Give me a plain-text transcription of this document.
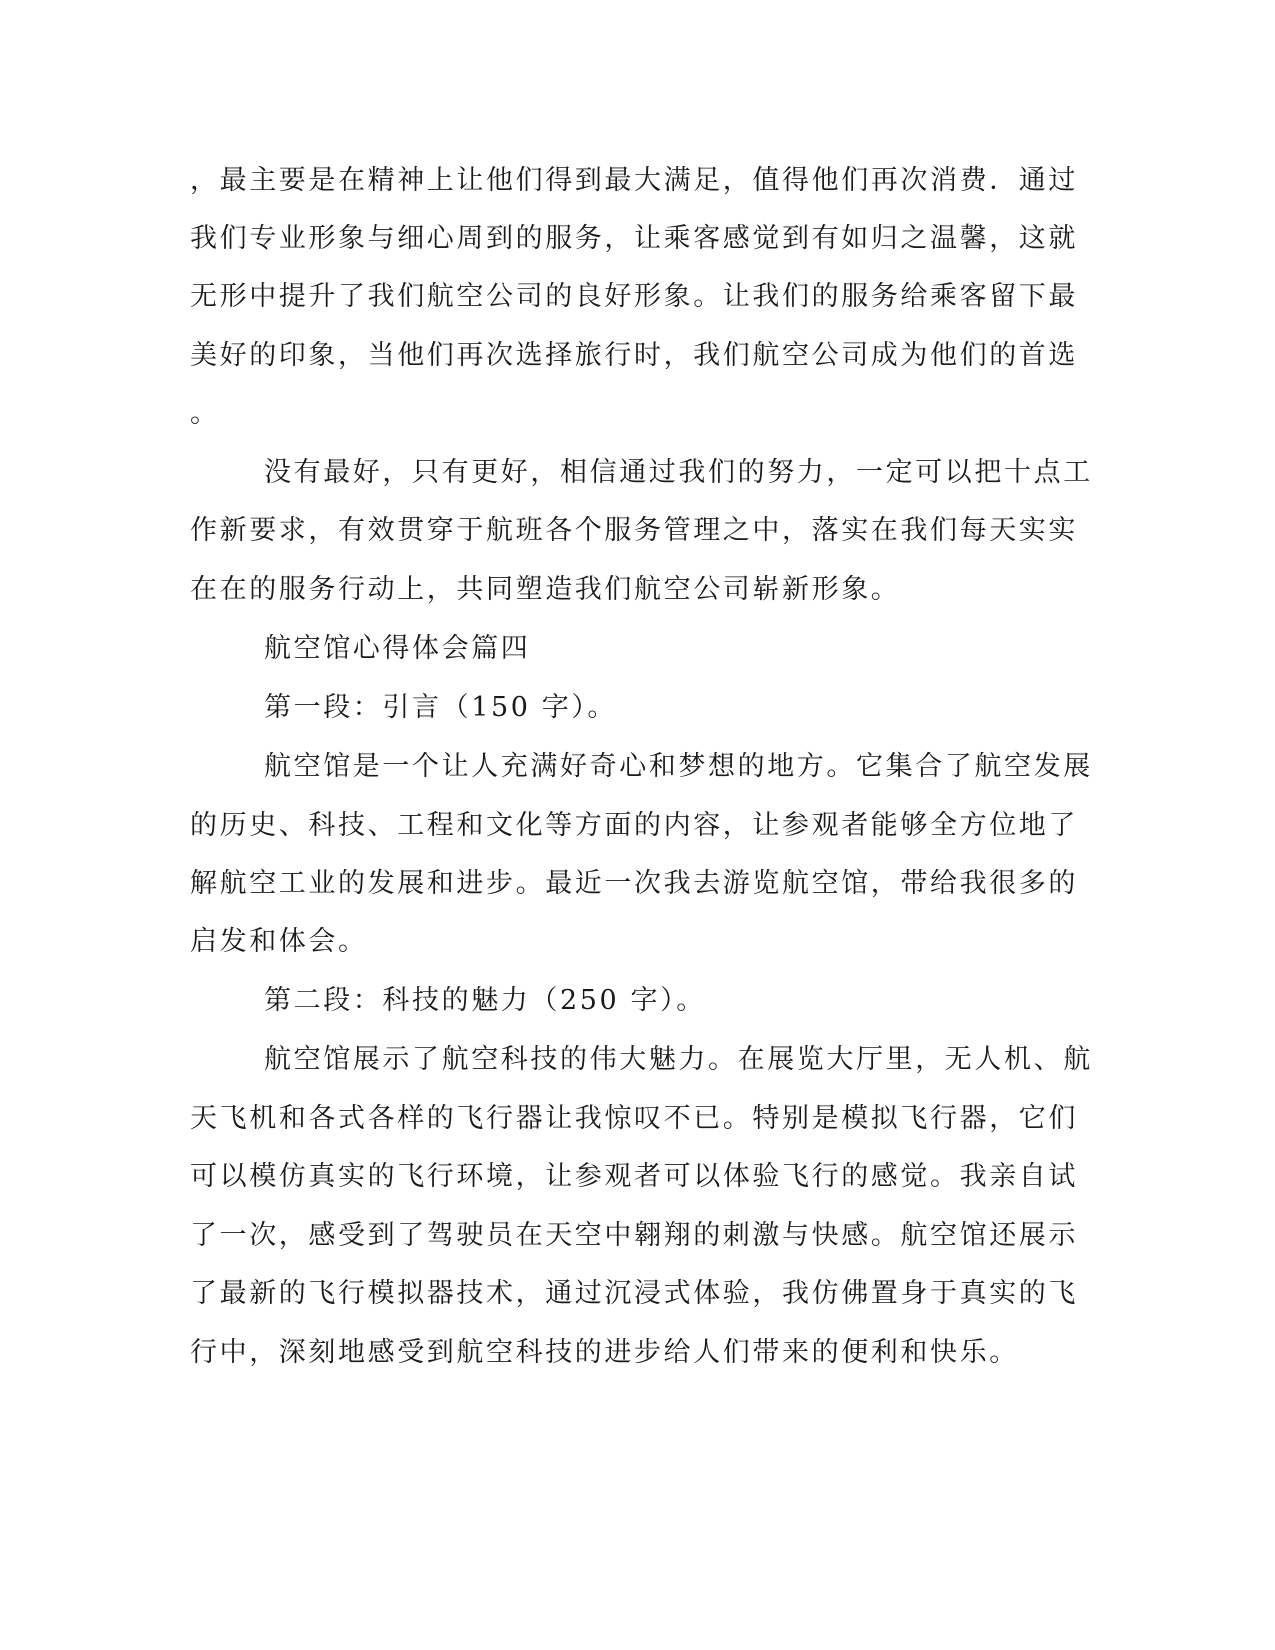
，最主要是在精神上让他们得到最大满足，值得他们再次消费．通过

我们专业形象与细心周到的服务，让乘客感觉到有如归之温馨，这就

无形中提升了我们航空公司的良好形象。让我们的服务给乘客留下最

美好的印象，当他们再次选择旅行时，我们航空公司成为他们的首选

。

没有最好，只有更好，相信通过我们的努力，一定可以把十点工

作新要求，有效贯穿于航班各个服务管理之中，落实在我们每天实实

在在的服务行动上，共同塑造我们航空公司崭新形象。

航空馆心得体会篇四

第一段：引言（150 字）。

航空馆是一个让人充满好奇心和梦想的地方。它集合了航空发展

的历史、科技、工程和文化等方面的内容，让参观者能够全方位地了

解航空工业的发展和进步。最近一次我去游览航空馆，带给我很多的

启发和体会。

第二段：科技的魅力（250 字）。

航空馆展示了航空科技的伟大魅力。在展览大厅里，无人机、航

天飞机和各式各样的飞行器让我惊叹不已。特别是模拟飞行器，它们

可以模仿真实的飞行环境，让参观者可以体验飞行的感觉。我亲自试

了一次，感受到了驾驶员在天空中翱翔的刺激与快感。航空馆还展示

了最新的飞行模拟器技术，通过沉浸式体验，我仿佛置身于真实的飞

行中，深刻地感受到航空科技的进步给人们带来的便利和快乐。
